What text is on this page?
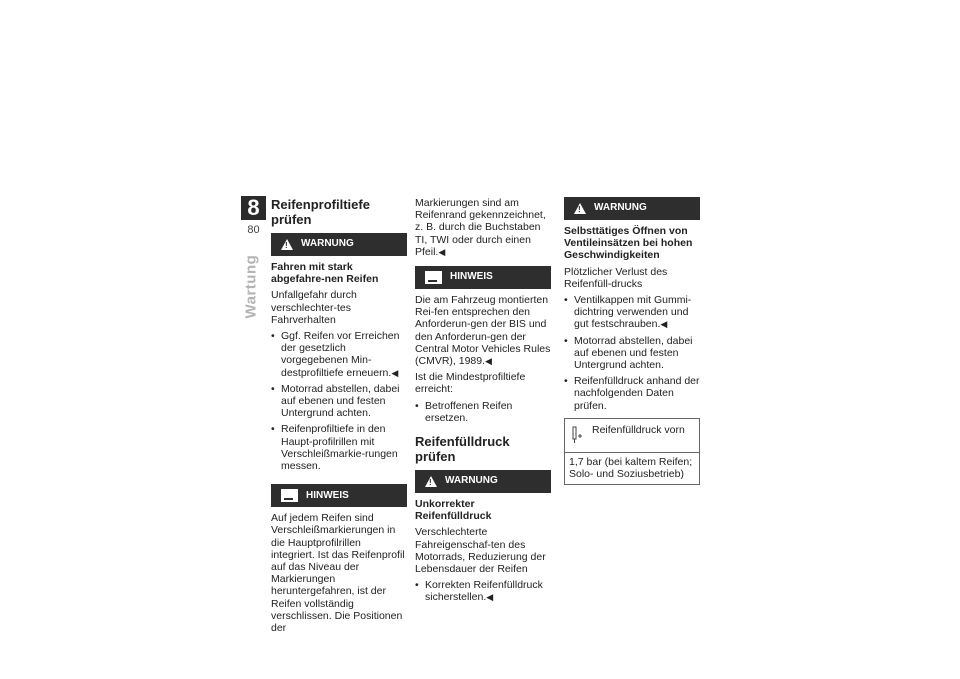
8
80
Wartung
Reifenprofiltiefe prüfen
!
WARNUNG

Fahren mit stark abgefahre-nen Reifen

Unfallgefahr durch verschlechter-tes Fahrverhalten

• Ggf. Reifen vor Erreichen der gesetzlich vorgegebenen Min-destprofiltiefe erneuern.◀
• Motorrad abstellen, dabei auf ebenen und festen Untergrund achten.
• Reifenprofiltiefe in den Haupt-profilrillen mit Verschleißmarkie-rungen messen.
HINWEIS

Auf jedem Reifen sind Verschleißmarkierungen in die Hauptprofilrillen integriert. Ist das Reifenprofil auf das Niveau der Markierungen heruntergefahren, ist der Reifen vollständig verschlissen. Die Positionen der

Markierungen sind am Reifenrand gekennzeichnet, z. B. durch die Buchstaben TI, TWI oder durch einen Pfeil.◀

HINWEIS

Die am Fahrzeug montierten Rei-fen entsprechen den Anforderun-gen der BIS und den Anforderun-gen der Central Motor Vehicles Rules (CMVR), 1989.◀

Ist die Mindestprofiltiefe erreicht:

• Betroffenen Reifen ersetzen.
Reifenfülldruck prüfen
!
WARNUNG

Unkorrekter Reifenfülldruck

Verschlechterte Fahreigenschaf-ten des Motorrads, Reduzierung der Lebensdauer der Reifen

• Korrekten Reifenfülldruck sicherstellen.◀
!
WARNUNG

Selbsttätiges Öffnen von Ventileinsätzen bei hohen Geschwindigkeiten

Plötzlicher Verlust des Reifenfüll-drucks

• Ventilkappen mit Gummi-dichtring verwenden und gut festschrauben.◀
• Motorrad abstellen, dabei auf ebenen und festen Untergrund achten.
• Reifenfülldruck anhand der nachfolgenden Daten prüfen.
Reifenfülldruck vorn
1,7 bar (bei kaltem Reifen; Solo- und Soziusbetrieb)
